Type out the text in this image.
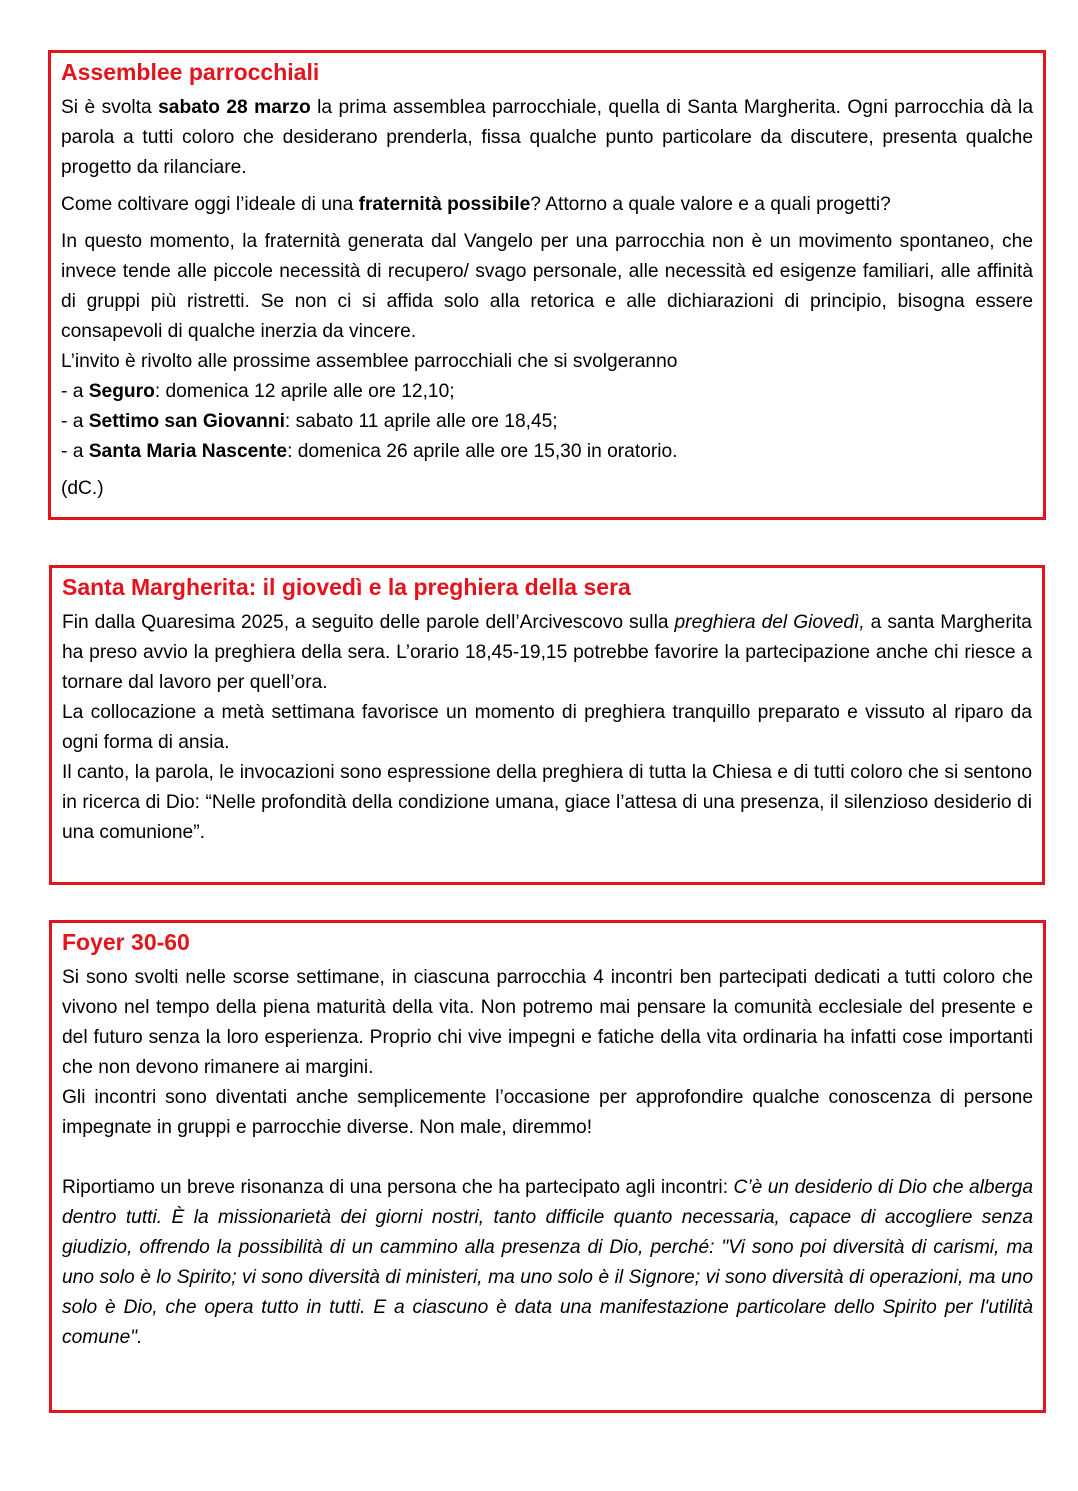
Assemblee parrocchiali

Si è svolta sabato 28 marzo la prima assemblea parrocchiale, quella di Santa Margherita. Ogni parrocchia dà la parola a tutti coloro che desiderano prenderla, fissa qualche punto particolare da discutere, presenta qualche progetto da rilanciare.

Come coltivare oggi l’ideale di una fraternità possibile? Attorno a quale valore e a quali progetti?

In questo momento, la fraternità generata dal Vangelo per una parrocchia non è un movimento spontaneo, che invece tende alle piccole necessità di recupero/ svago personale, alle necessità ed esigenze familiari, alle affinità di gruppi più ristretti. Se non ci si affida solo alla retorica e alle dichiarazioni di principio, bisogna essere consapevoli di qualche inerzia da vincere.

L’invito è rivolto alle prossime assemblee parrocchiali che si svolgeranno

- a Seguro: domenica 12 aprile alle ore 12,10;

- a Settimo san Giovanni: sabato 11 aprile alle ore 18,45;

- a Santa Maria Nascente: domenica 26 aprile alle ore 15,30 in oratorio.

(dC.)

Santa Margherita: il giovedì e la preghiera della sera

Fin dalla Quaresima 2025, a seguito delle parole dell’Arcivescovo sulla preghiera del Giovedì, a santa Margherita ha preso avvio la preghiera della sera. L’orario 18,45-19,15 potrebbe favorire la partecipazione anche chi riesce a tornare dal lavoro per quell’ora.

La collocazione a metà settimana favorisce un momento di preghiera tranquillo preparato e vissuto al riparo da ogni forma di ansia.

Il canto, la parola, le invocazioni sono espressione della preghiera di tutta la Chiesa e di tutti coloro che si sentono in ricerca di Dio: “Nelle profondità della condizione umana, giace l’attesa di una presenza, il silenzioso desiderio di una comunione”.

Foyer 30-60

Si sono svolti nelle scorse settimane, in ciascuna parrocchia 4 incontri ben partecipati dedicati a tutti coloro che vivono nel tempo della piena maturità della vita. Non potremo mai pensare la comunità ecclesiale del presente e del futuro senza la loro esperienza. Proprio chi vive impegni e fatiche della vita ordinaria ha infatti cose importanti che non devono rimanere ai margini.

Gli incontri sono diventati anche semplicemente l’occasione per approfondire qualche conoscenza di persone impegnate in gruppi e parrocchie diverse. Non male, diremmo!

Riportiamo un breve risonanza di una persona che ha partecipato agli incontri: C’è un desiderio di Dio che alberga dentro tutti. È la missionarietà dei giorni nostri, tanto difficile quanto necessaria, capace di accogliere senza giudizio, offrendo la possibilità di un cammino alla presenza di Dio, perché: "Vi sono poi diversità di carismi, ma uno solo è lo Spirito; vi sono diversità di ministeri, ma uno solo è il Signore; vi sono diversità di operazioni, ma uno solo è Dio, che opera tutto in tutti. E a ciascuno è data una manifestazione particolare dello Spirito per l'utilità comune".
